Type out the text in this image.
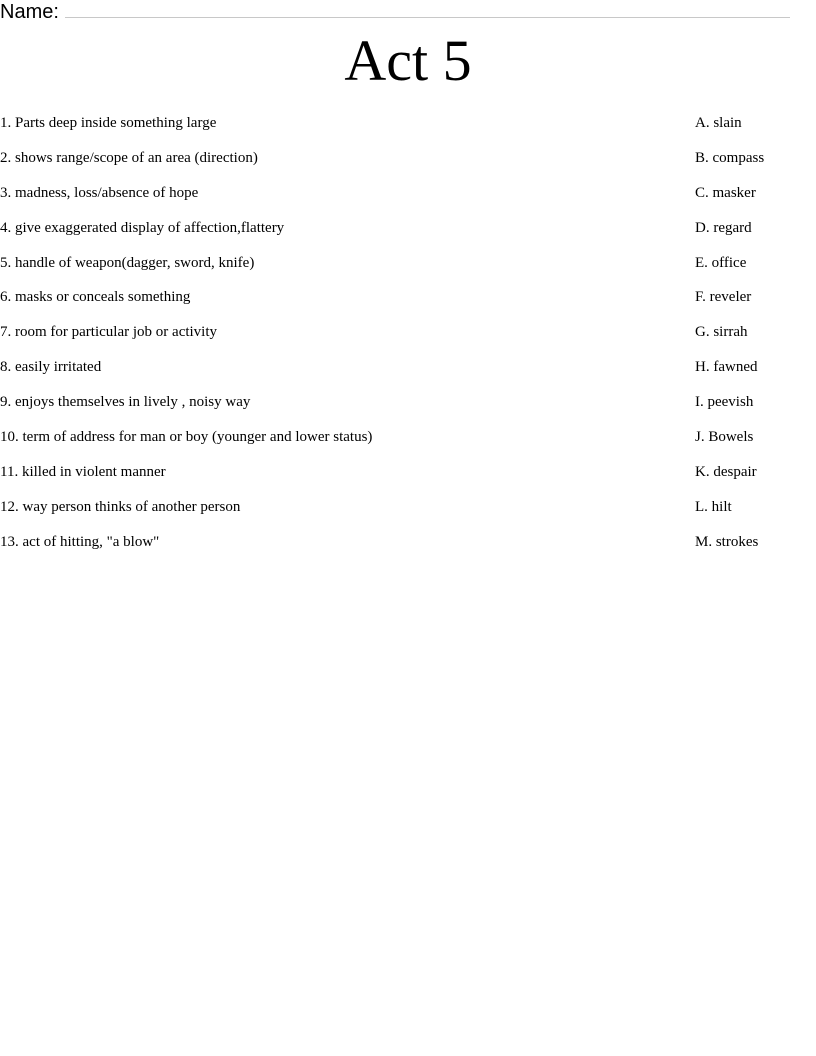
Name:
Act 5
1. Parts deep inside something large	A. slain
2. shows range/scope of an area (direction)	B. compass
3. madness, loss/absence of hope	C. masker
4. give exaggerated display of affection,flattery	D. regard
5. handle of weapon(dagger, sword, knife)	E. office
6. masks or conceals something	F. reveler
7. room for particular job or activity	G. sirrah
8. easily irritated	H. fawned
9. enjoys themselves in lively , noisy way	I. peevish
10. term of address for man or boy (younger and lower status)	J. Bowels
11. killed in violent manner	K. despair
12. way person thinks of another person	L. hilt
13. act of hitting, "a blow"	M. strokes
